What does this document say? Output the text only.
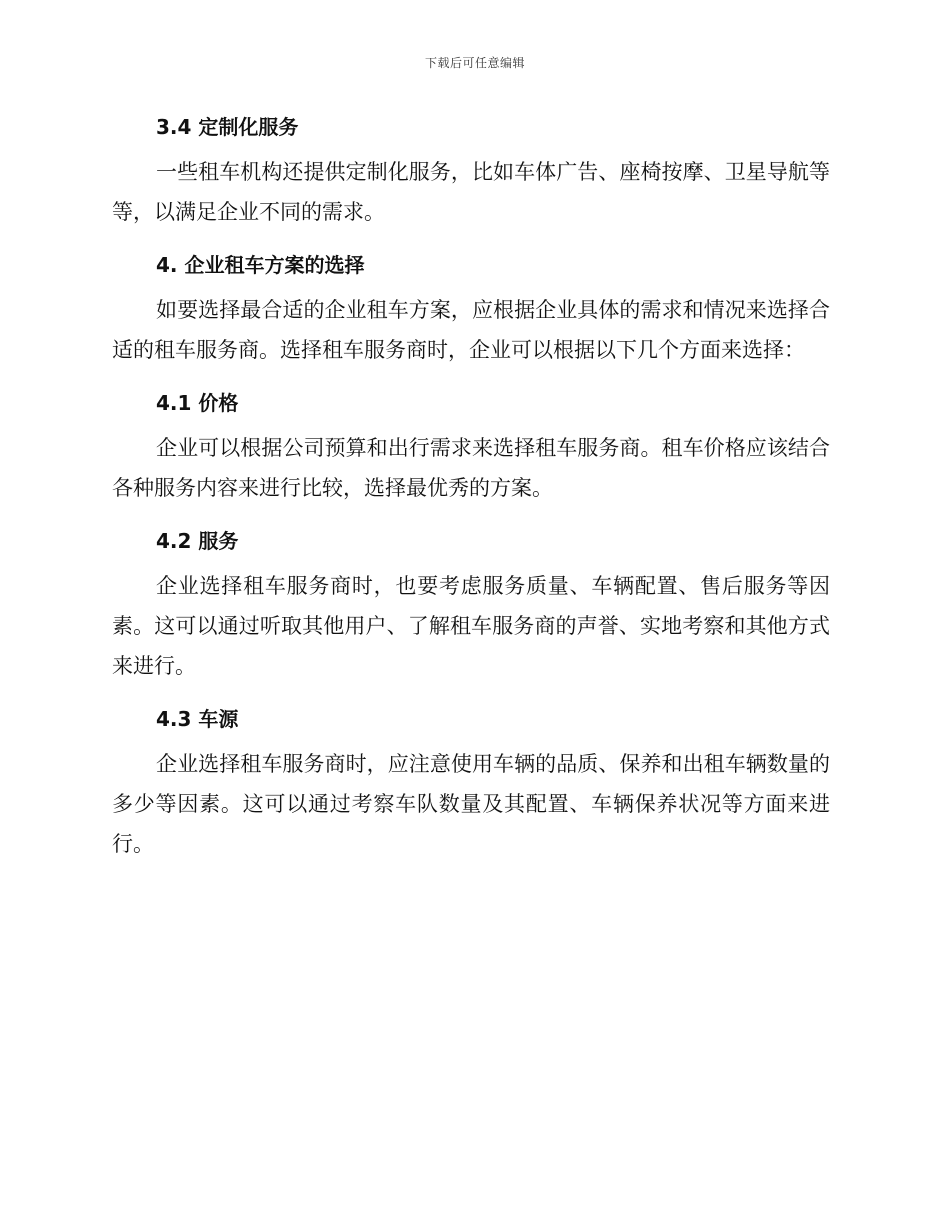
下载后可任意编辑
3.4 定制化服务

一些租车机构还提供定制化服务，比如车体广告、座椅按摩、卫星导航等等，以满足企业不同的需求。

4. 企业租车方案的选择

如要选择最合适的企业租车方案，应根据企业具体的需求和情况来选择合适的租车服务商。选择租车服务商时，企业可以根据以下几个方面来选择：

4.1 价格

企业可以根据公司预算和出行需求来选择租车服务商。租车价格应该结合各种服务内容来进行比较，选择最优秀的方案。

4.2 服务

企业选择租车服务商时，也要考虑服务质量、车辆配置、售后服务等因素。这可以通过听取其他用户、了解租车服务商的声誉、实地考察和其他方式来进行。

4.3 车源

企业选择租车服务商时，应注意使用车辆的品质、保养和出租车辆数量的多少等因素。这可以通过考察车队数量及其配置、车辆保养状况等方面来进行。
